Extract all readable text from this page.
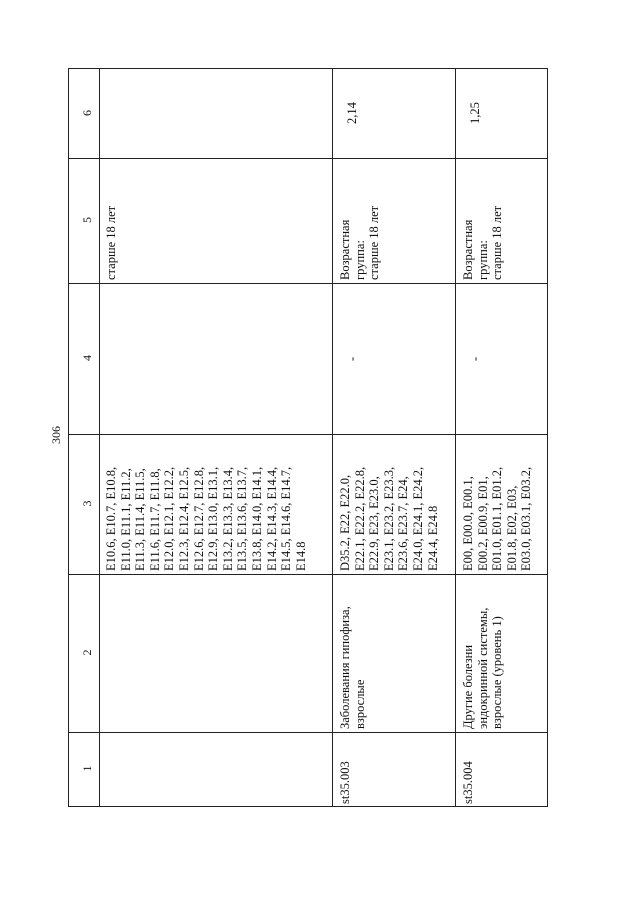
306
1
2
3
4
5
6
E10.6, E10.7, E10.8,
E11.0, E11.1, E11.2,
E11.3, E11.4, E11.5,
E11.6, E11.7, E11.8,
E12.0, E12.1, E12.2,
E12.3, E12.4, E12.5,
E12.6, E12.7, E12.8,
E12.9, E13.0, E13.1,
E13.2, E13.3, E13.4,
E13.5, E13.6, E13.7,
E13.8, E14.0, E14.1,
E14.2, E14.3, E14.4,
E14.5, E14.6, E14.7,
E14.8
старше 18 лет
st35.003
Заболевания гипофиза,
взрослые
D35.2, E22, E22.0,
E22.1, E22.2, E22.8,
E22.9, E23, E23.0,
E23.1, E23.2, E23.3,
E23.6, E23.7, E24,
E24.0, E24.1, E24.2,
E24.4, E24.8
-
Возрастная
группа:
старше 18 лет
2,14
st35.004
Другие болезни
эндокринной системы,
взрослые (уровень 1)
E00, E00.0, E00.1,
E00.2, E00.9, E01,
E01.0, E01.1, E01.2,
E01.8, E02, E03,
E03.0, E03.1, E03.2,
-
Возрастная
группа:
старше 18 лет
1,25
